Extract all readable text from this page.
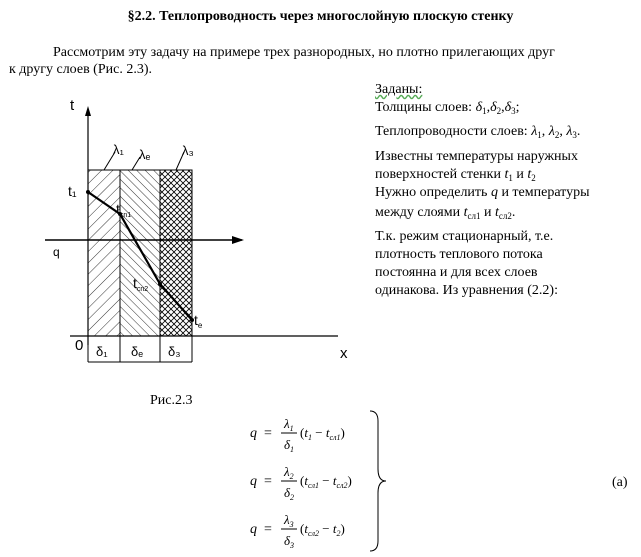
§2.2. Теплопроводность через многослойную плоскую стенку
Рассмотрим эту задачу на примере трех разнородных, но плотно прилегающих друг
к другу слоев (Рис. 2.3).
Заданы:
Толщины слоев: $\delta_1,\delta_2,\delta_3$;
Теплопроводности слоев: $\lambda_1$, $\lambda_2$, $\lambda_3$.
Известны температуры наружных
поверхностей стенки $t_1$ и $t_2$
Нужно определить q и температуры
между слоями $t_{сл1}$ и $t_{сл2}$.
Т.к. режим стационарный, т.е.
плотность теплового потока
постоянна и для всех слоев
одинакова. Из уравнения (2.2):
t
x
q
0
λ₁ λₑ λ₃
t₁
$t_{cn1}$
$t_{cn2}$
$t_e$
δ₁ δₑ δ₃
Рис.2.3
q =
$\lambda_1$
$\delta_1$
$(t_1 - t_{сл1})$
q =
$\lambda_2$
$\delta_2$
$(t_{сл1} - t_{сл2})$
q =
$\lambda_3$
$\delta_3$
$(t_{сл2} - t_2)$
(a)
